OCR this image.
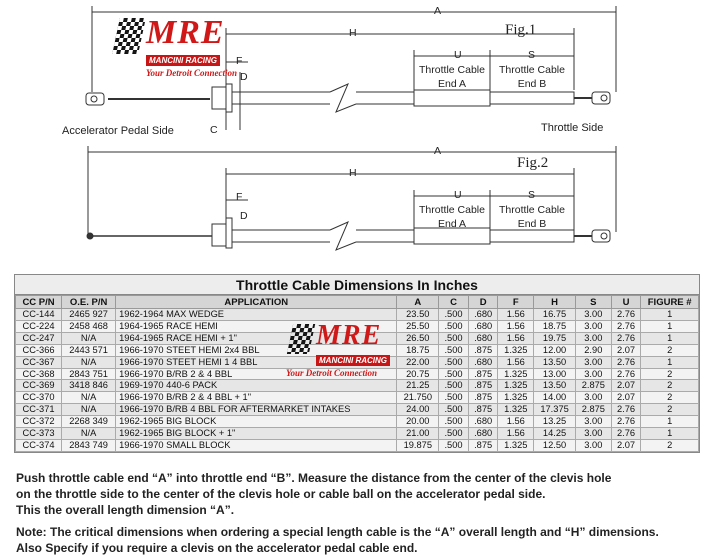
Fig.1
A
H
U	S
F
D
C
Throttle Cable
End A
Throttle Cable
End B
Accelerator Pedal Side	Throttle Side
Fig.2
A
H
U	S
F
D	Throttle Cable
End A
Throttle Cable
End B
MRE
MANCINI RACING
Your Detroit Connection
Throttle Cable Dimensions In Inches
CC P/N	O.E. P/N	APPLICATION	A	C	D	F	H	S	U	FIGURE #
CC-144	2465 927	1962-1964 MAX WEDGE	23.50	.500	.680	1.56	16.75	3.00	2.76	1
CC-224	2458 468	1964-1965 RACE HEMI	25.50	.500	.680	1.56	18.75	3.00	2.76	1
CC-247	N/A	1964-1965 RACE HEMI + 1"	26.50	.500	.680	1.56	19.75	3.00	2.76	1
CC-366	2443 571	1966-1970 STEET HEMI 2x4 BBL	18.75	.500	.875	1.325	12.00	2.90	2.07	2
CC-367	N/A	1966-1970 STEET HEMI 1 4 BBL	22.00	.500	.680	1.56	13.50	3.00	2.76	1
CC-368	2843 751	1966-1970 B/RB 2 & 4 BBL	20.75	.500	.875	1.325	13.00	3.00	2.76	2
CC-369	3418 846	1969-1970 440-6 PACK	21.25	.500	.875	1.325	13.50	2.875	2.07	2
CC-370	N/A	1966-1970 B/RB 2 & 4 BBL + 1"	21.750	.500	.875	1.325	14.00	3.00	2.07	2
CC-371	N/A	1966-1970 B/RB 4 BBL FOR AFTERMARKET INTAKES	24.00	.500	.875	1.325	17.375	2.875	2.76	2
CC-372	2268 349	1962-1965 BIG BLOCK	20.00	.500	.680	1.56	13.25	3.00	2.76	1
CC-373	N/A	1962-1965 BIG BLOCK + 1"	21.00	.500	.680	1.56	14.25	3.00	2.76	1
CC-374	2843 749	1966-1970 SMALL BLOCK	19.875	.500	.875	1.325	12.50	3.00	2.07	2
MRE
MANCINI RACING
Your Detroit Connection

Push throttle cable end “A” into throttle end “B”. Measure the distance from the center of the clevis hole

on the throttle side to the center of the clevis hole or cable ball on the accelerator pedal side.

This the overall length dimension “A”.

Note: The critical dimensions when ordering a special length cable is the “A” overall length and “H” dimensions.

Also Specify if you require a clevis on the accelerator pedal cable end.
